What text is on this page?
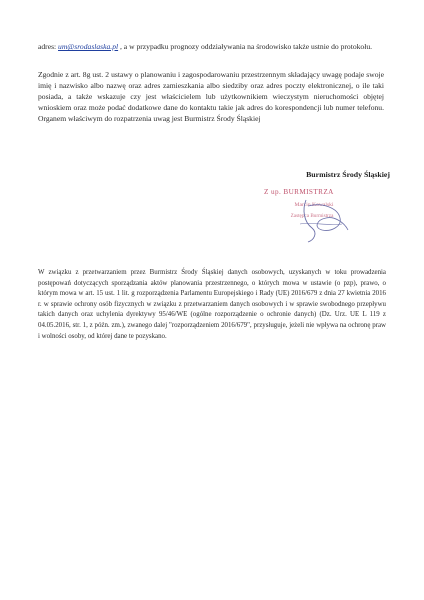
adres: um@srodaslaska.pl , a w przypadku prognozy oddziaływania na środowisko także ustnie do protokołu.

Zgodnie z art. 8g ust. 2 ustawy o planowaniu i zagospodarowaniu przestrzennym składający uwagę podaje swoje imię i nazwisko albo nazwę oraz adres zamieszkania albo siedziby oraz adres poczty elektronicznej, o ile taki posiada, a także wskazuje czy jest właścicielem lub użytkownikiem wieczystym nieruchomości objętej wnioskiem oraz może podać dodatkowe dane do kontaktu takie jak adres do korespondencji lub numer telefonu. Organem właściwym do rozpatrzenia uwag jest Burmistrz Środy Śląskiej

Burmistrz Środy Śląskiej
Z up. BURMISTRZA
Marcin Kowalski
Zastępca Burmistrza

W związku z przetwarzaniem przez Burmistrz Środy Śląskiej danych osobowych, uzyskanych w toku prowadzenia postępowań dotyczących sporządzania aktów planowania przestrzennego, o których mowa w ustawie (o pzp), prawo, o którym mowa w art. 15 ust. 1 lit. g rozporządzenia Parlamentu Europejskiego i Rady (UE) 2016/679 z dnia 27 kwietnia 2016 r. w sprawie ochrony osób fizycznych w związku z przetwarzaniem danych osobowych i w sprawie swobodnego przepływu takich danych oraz uchylenia dyrektywy 95/46/WE (ogólne rozporządzenie o ochronie danych) (Dz. Urz. UE L 119 z 04.05.2016, str. 1, z późn. zm.), zwanego dalej "rozporządzeniem 2016/679", przysługuje, jeżeli nie wpływa na ochronę praw i wolności osoby, od której dane te pozyskano.
